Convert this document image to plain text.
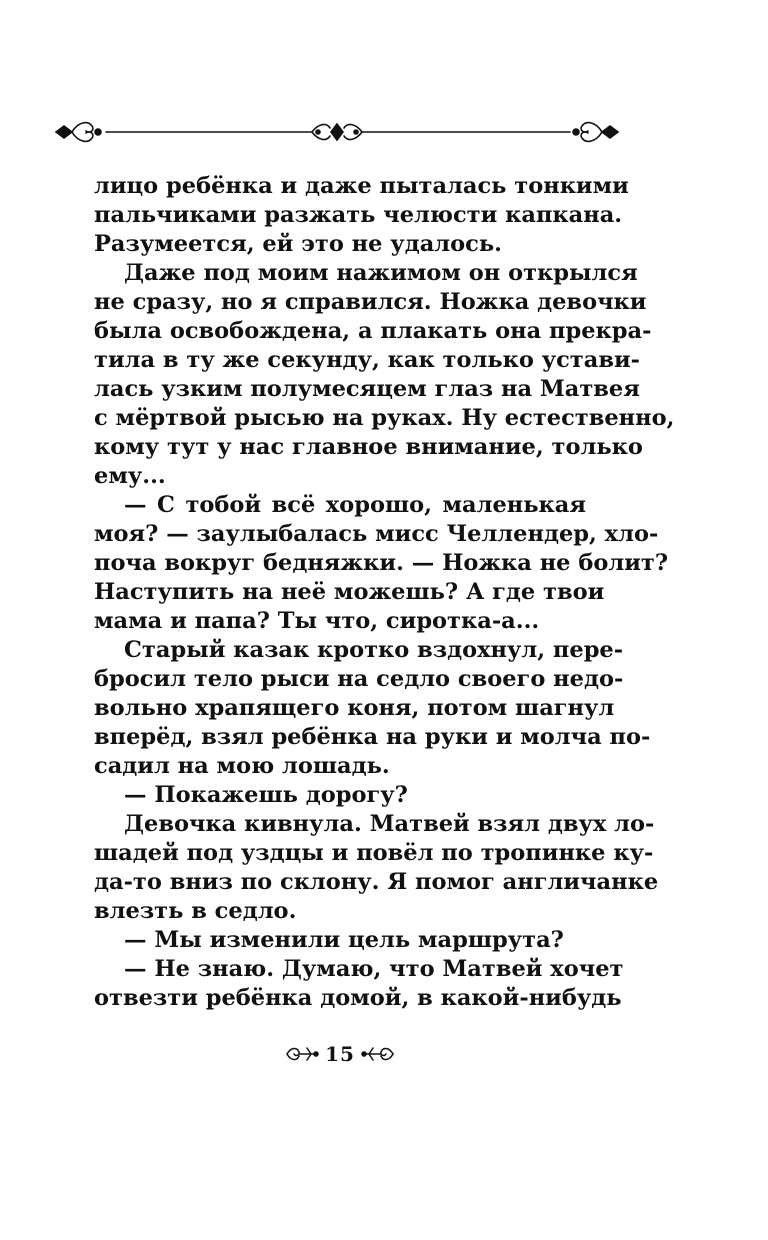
лицо ребёнка и даже пыталась тонкими
пальчиками разжать челюсти капкана.
Разумеется, ей это не удалось.
Даже под моим нажимом он открылся
не сразу, но я справился. Ножка девочки
была освобождена, а плакать она прекра-
тила в ту же секунду, как только устави-
лась узким полумесяцем глаз на Матвея
с мёртвой рысью на руках. Ну естественно,
кому тут у нас главное внимание, только
ему...
— С тобой всё хорошо, маленькая
моя? — заулыбалась мисс Челлендер, хло-
поча вокруг бедняжки. — Ножка не болит?
Наступить на неё можешь? А где твои
мама и папа? Ты что, сиротка-а...
Старый казак кротко вздохнул, пере-
бросил тело рыси на седло своего недо-
вольно храпящего коня, потом шагнул
вперёд, взял ребёнка на руки и молча по-
садил на мою лошадь.
— Покажешь дорогу?
Девочка кивнула. Матвей взял двух ло-
шадей под уздцы и повёл по тропинке ку-
да-то вниз по склону. Я помог англичанке
влезть в седло.
— Мы изменили цель маршрута?
— Не знаю. Думаю, что Матвей хочет
отвезти ребёнка домой, в какой-нибудь
15
